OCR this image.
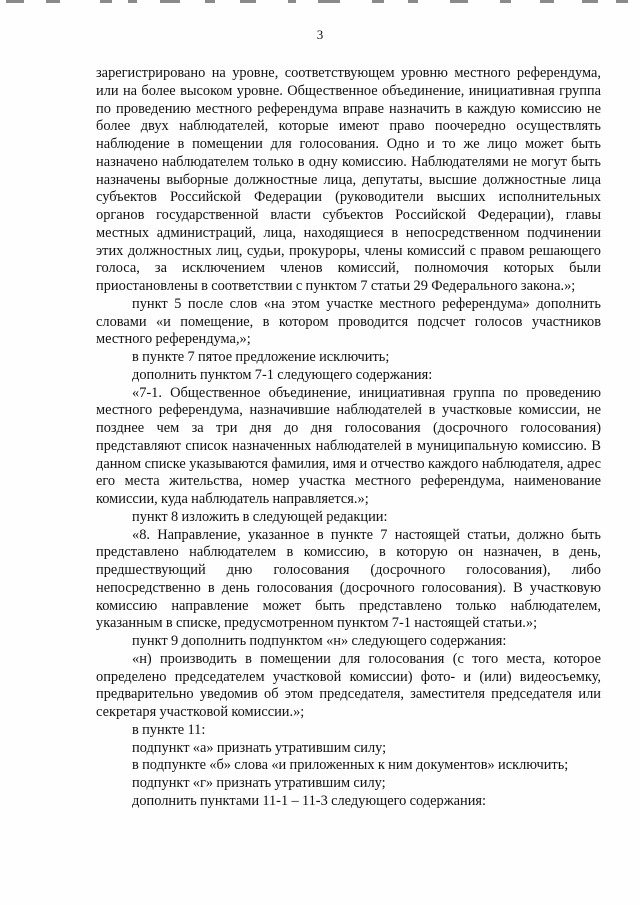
3

зарегистрировано на уровне, соответствующем уровню местного референдума, или на более высоком уровне. Общественное объединение, инициативная группа по проведению местного референдума вправе назначить в каждую комиссию не более двух наблюдателей, которые имеют право поочередно осуществлять наблюдение в помещении для голосования. Одно и то же лицо может быть назначено наблюдателем только в одну комиссию. Наблюдателями не могут быть назначены выборные должностные лица, депутаты, высшие должностные лица субъектов Российской Федерации (руководители высших исполнительных органов государственной власти субъектов Российской Федерации), главы местных администраций, лица, находящиеся в непосредственном подчинении этих должностных лиц, судьи, прокуроры, члены комиссий с правом решающего голоса, за исключением членов комиссий, полномочия которых были приостановлены в соответствии с пунктом 7 статьи 29 Федерального закона.»;

пункт 5 после слов «на этом участке местного референдума» дополнить словами «и помещение, в котором проводится подсчет голосов участников местного референдума,»;

в пункте 7 пятое предложение исключить;

дополнить пунктом 7-1 следующего содержания:

«7-1. Общественное объединение, инициативная группа по проведению местного референдума, назначившие наблюдателей в участковые комиссии, не позднее чем за три дня до дня голосования (досрочного голосования) представляют список назначенных наблюдателей в муниципальную комиссию. В данном списке указываются фамилия, имя и отчество каждого наблюдателя, адрес его места жительства, номер участка местного референдума, наименование комиссии, куда наблюдатель направляется.»;

пункт 8 изложить в следующей редакции:

«8. Направление, указанное в пункте 7 настоящей статьи, должно быть представлено наблюдателем в комиссию, в которую он назначен, в день, предшествующий дню голосования (досрочного голосования), либо непосредственно в день голосования (досрочного голосования). В участковую комиссию направление может быть представлено только наблюдателем, указанным в списке, предусмотренном пунктом 7-1 настоящей статьи.»;

пункт 9 дополнить подпунктом «н» следующего содержания:

«н) производить в помещении для голосования (с того места, которое определено председателем участковой комиссии) фото- и (или) видеосъемку, предварительно уведомив об этом председателя, заместителя председателя или секретаря участковой комиссии.»;

в пункте 11:

подпункт «а» признать утратившим силу;

в подпункте «б» слова «и приложенных к ним документов» исключить;

подпункт «г» признать утратившим силу;

дополнить пунктами 11-1 – 11-3 следующего содержания:
